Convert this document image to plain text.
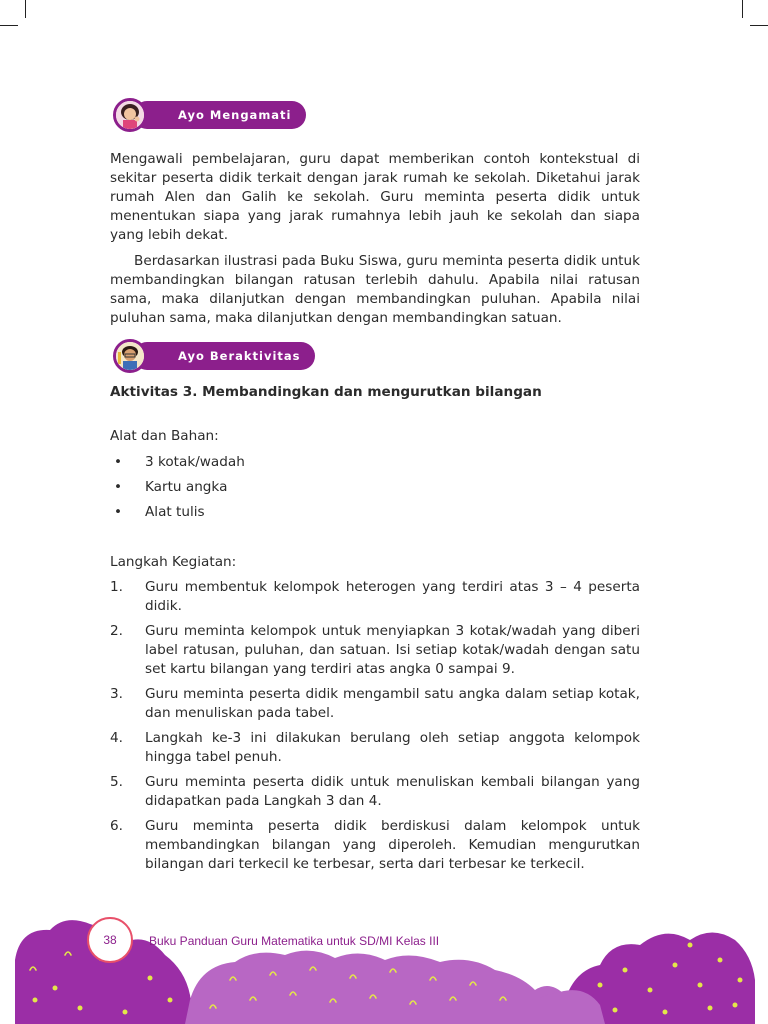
Ayo Mengamati

Mengawali pembelajaran, guru dapat memberikan contoh kontekstual di sekitar peserta didik terkait dengan jarak rumah ke sekolah. Diketahui jarak rumah Alen dan Galih ke sekolah. Guru meminta peserta didik untuk menentukan siapa yang jarak rumahnya lebih jauh ke sekolah dan siapa yang lebih dekat.

Berdasarkan ilustrasi pada Buku Siswa, guru meminta peserta didik untuk membandingkan bilangan ratusan terlebih dahulu. Apabila nilai ratusan sama, maka dilanjutkan dengan membandingkan puluhan. Apabila nilai puluhan sama, maka dilanjutkan dengan membandingkan satuan.

Ayo Beraktivitas
Aktivitas 3. Membandingkan dan mengurutkan bilangan
Alat dan Bahan:
• 3 kotak/wadah
• Kartu angka
• Alat tulis
Langkah Kegiatan:
1. Guru membentuk kelompok heterogen yang terdiri atas 3 – 4 peserta didik.
2. Guru meminta kelompok untuk menyiapkan 3 kotak/wadah yang diberi label ratusan, puluhan, dan satuan. Isi setiap kotak/wadah dengan satu set kartu bilangan yang terdiri atas angka 0 sampai 9.
3. Guru meminta peserta didik mengambil satu angka dalam setiap kotak, dan menuliskan pada tabel.
4. Langkah ke-3 ini dilakukan berulang oleh setiap anggota kelompok hingga tabel penuh.
5. Guru meminta peserta didik untuk menuliskan kembali bilangan yang didapatkan pada Langkah 3 dan 4.
6. Guru meminta peserta didik berdiskusi dalam kelompok untuk membandingkan bilangan yang diperoleh. Kemudian mengurutkan bilangan dari terkecil ke terbesar, serta dari terbesar ke terkecil.
38	Buku Panduan Guru Matematika untuk SD/MI Kelas III
